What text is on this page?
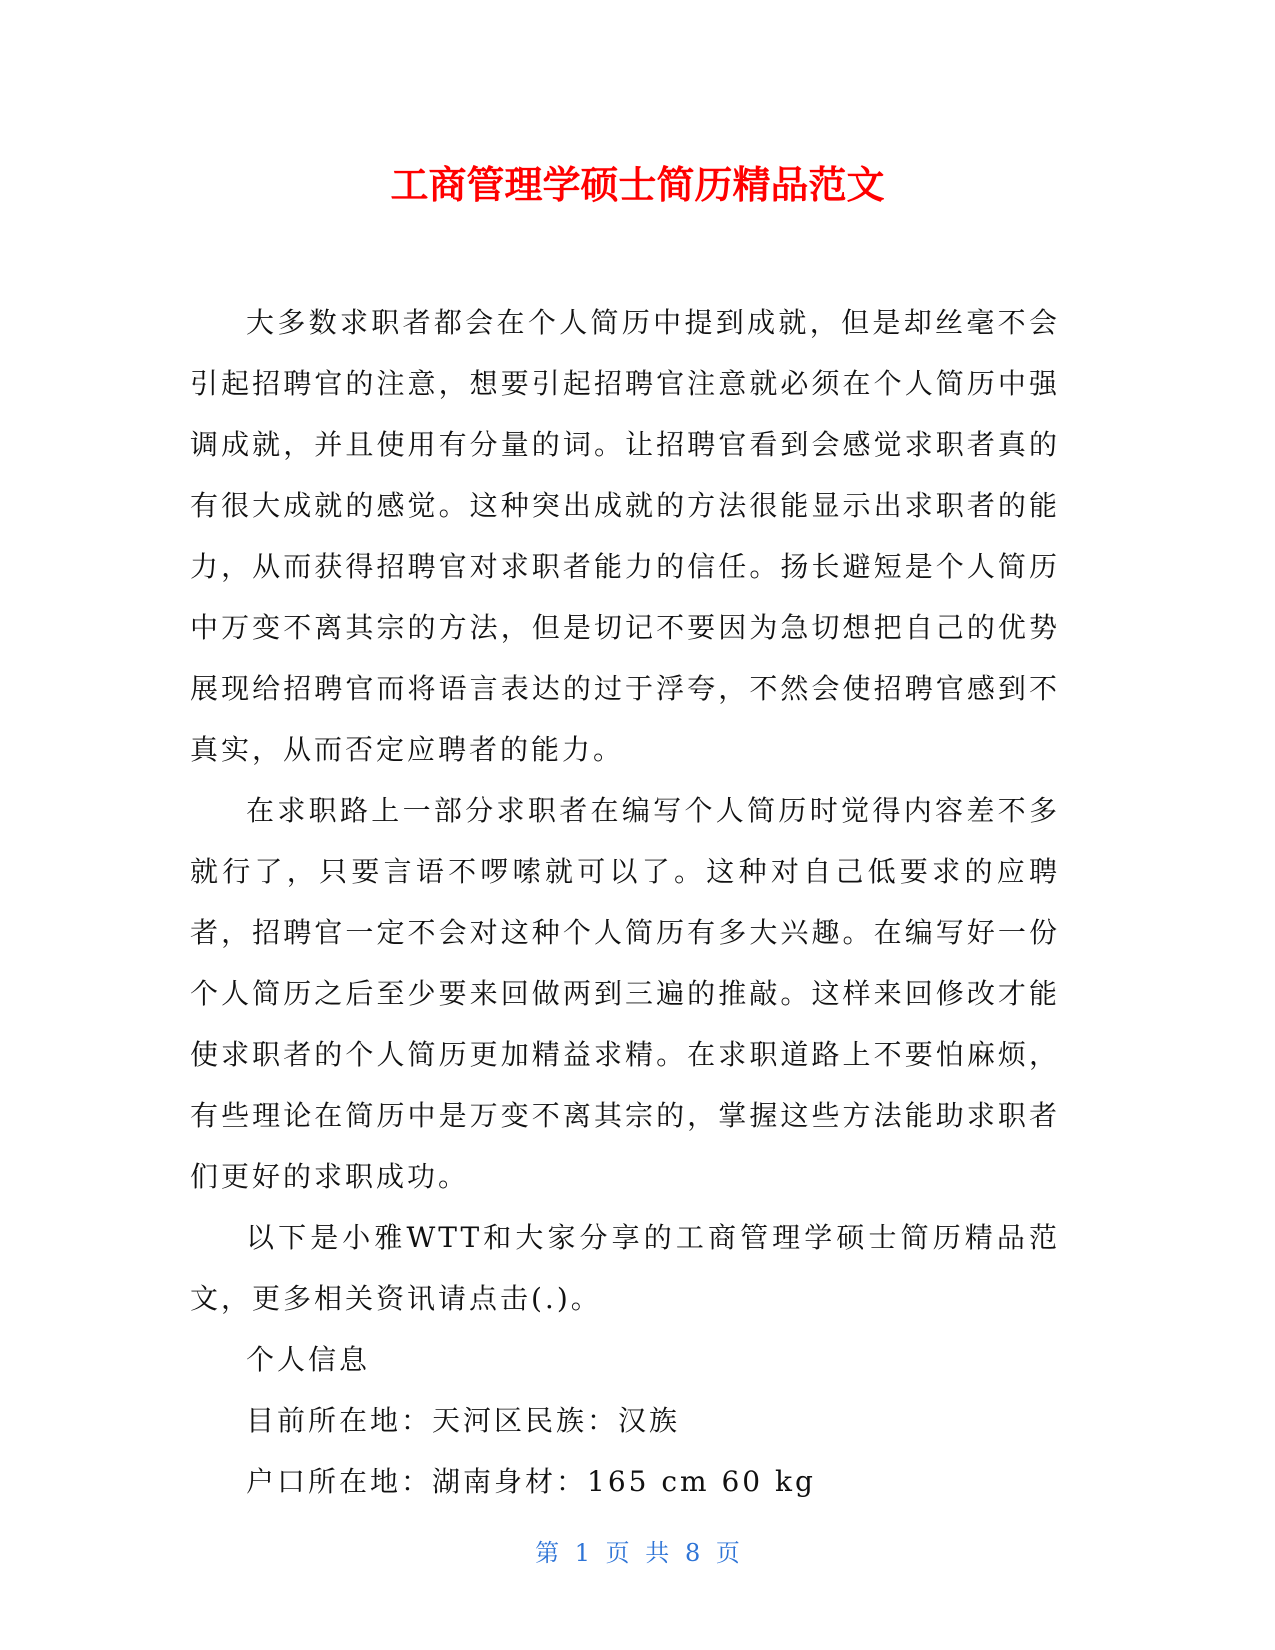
工商管理学硕士简历精品范文

大多数求职者都会在个人简历中提到成就，但是却丝毫不会引起招聘官的注意，想要引起招聘官注意就必须在个人简历中强调成就，并且使用有分量的词。让招聘官看到会感觉求职者真的有很大成就的感觉。这种突出成就的方法很能显示出求职者的能力，从而获得招聘官对求职者能力的信任。扬长避短是个人简历中万变不离其宗的方法，但是切记不要因为急切想把自己的优势展现给招聘官而将语言表达的过于浮夸，不然会使招聘官感到不真实，从而否定应聘者的能力。

在求职路上一部分求职者在编写个人简历时觉得内容差不多就行了，只要言语不啰嗦就可以了。这种对自己低要求的应聘者，招聘官一定不会对这种个人简历有多大兴趣。在编写好一份个人简历之后至少要来回做两到三遍的推敲。这样来回修改才能使求职者的个人简历更加精益求精。在求职道路上不要怕麻烦，有些理论在简历中是万变不离其宗的，掌握这些方法能助求职者们更好的求职成功。

以下是小雅WTT和大家分享的工商管理学硕士简历精品范文，更多相关资讯请点击(.)。

个人信息

目前所在地：天河区民族：汉族

户口所在地：湖南身材：165 cm 60 kg

第 1 页 共 8 页
